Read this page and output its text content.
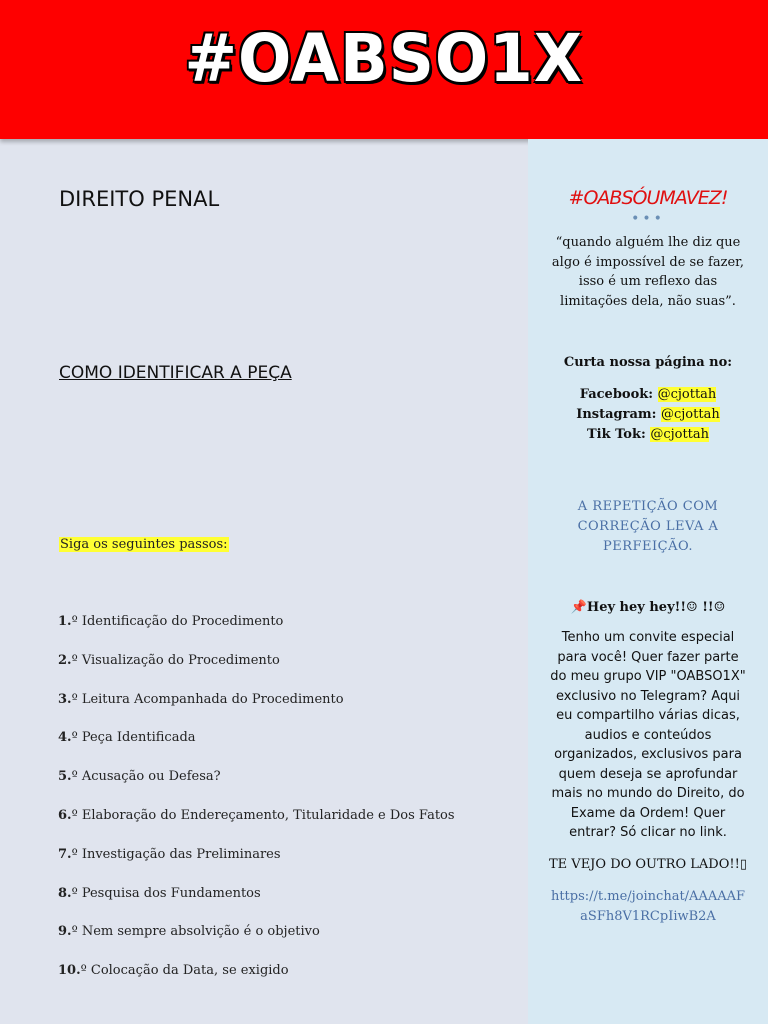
#OABSO1X
DIREITO PENAL
COMO IDENTIFICAR A PEÇA
Siga os seguintes passos:
1.º Identificação do Procedimento
2.º Visualização do Procedimento
3.º Leitura Acompanhada do Procedimento
4.º Peça Identificada
5.º Acusação ou Defesa?
6.º Elaboração do Endereçamento, Titularidade e Dos Fatos
7.º Investigação das Preliminares
8.º Pesquisa dos Fundamentos
9.º Nem sempre absolvição é o objetivo
10.º Colocação da Data, se exigido
#OABSÓUMAVEZ!
•••
“quando alguém lhe diz que algo é impossível de se fazer, isso é um reflexo das limitações dela, não suas”.
Curta nossa página no:
Facebook: @cjottah
Instagram: @cjottah
Tik Tok: @cjottah
A REPETIÇÃO COM CORREÇÃO LEVA A PERFEIÇÃO.
📌Hey hey hey!!☺ !!☺
Tenho um convite especial para você! Quer fazer parte do meu grupo VIP "OABSO1X" exclusivo no Telegram? Aqui eu compartilho várias dicas, audios e conteúdos organizados, exclusivos para quem deseja se aprofundar mais no mundo do Direito, do Exame da Ordem! Quer entrar? Só clicar no link.
TE VEJO DO OUTRO LADO!!▯
https://t.me/joinchat/AAAAAFaSFh8V1RCpIiwB2A
